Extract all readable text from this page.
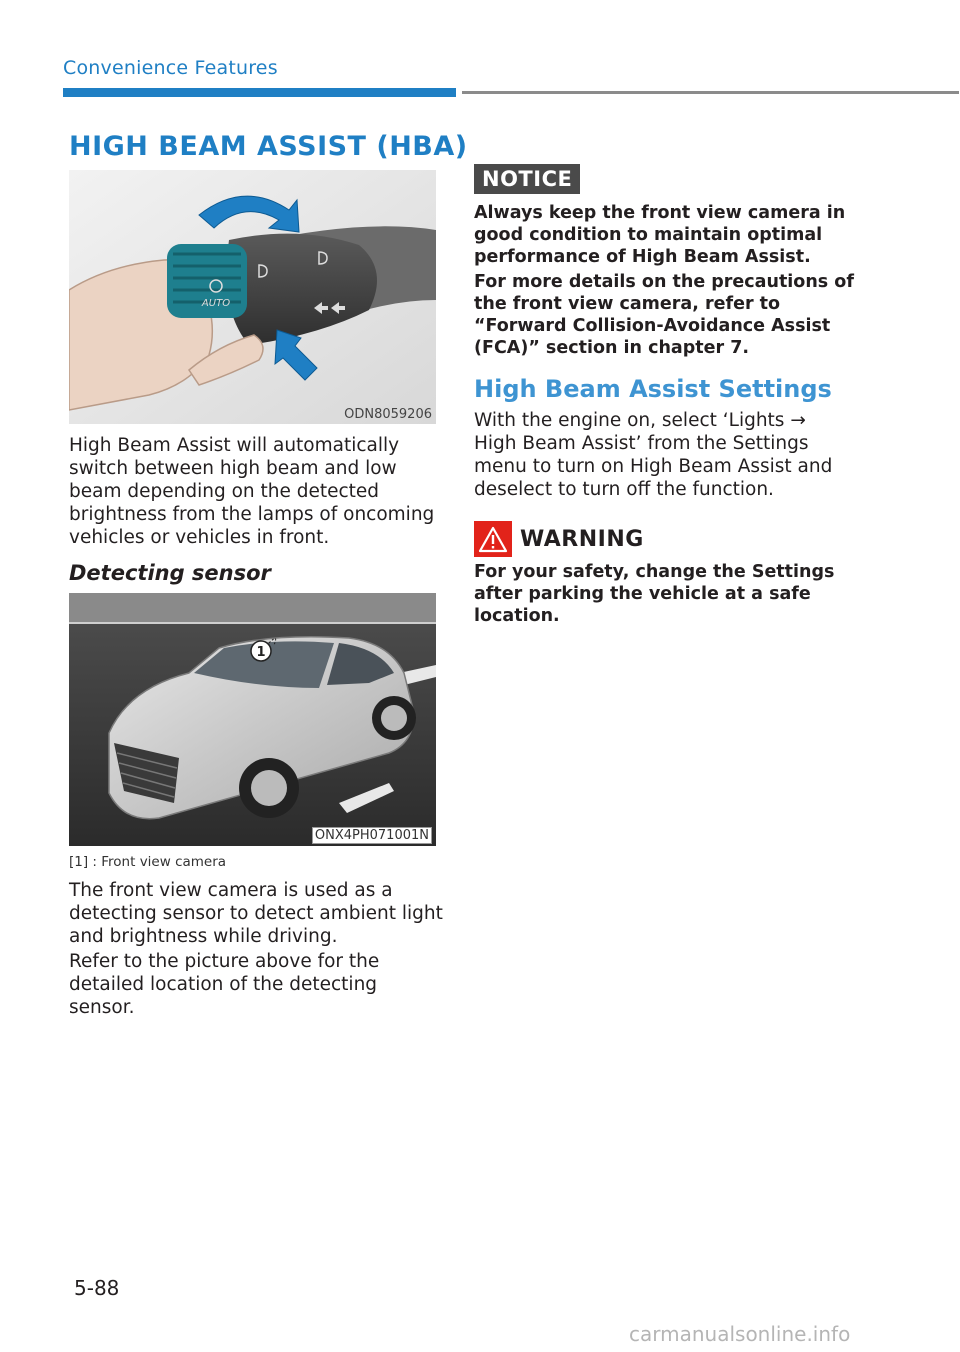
Convenience Features
HIGH BEAM ASSIST (HBA)
AUTO
ODN8059206
High Beam Assist will automatically switch between high beam and low beam depending on the detected brightness from the lamps of oncoming vehicles or vehicles in front.
Detecting sensor
1
ONX4PH071001N
[1] : Front view camera
The front view camera is used as a detecting sensor to detect ambient light and brightness while driving.
Refer to the picture above for the detailed location of the detecting sensor.
NOTICE
Always keep the front view camera in good condition to maintain optimal performance of High Beam Assist.
For more details on the precautions of the front view camera, refer to “Forward Collision-Avoidance Assist (FCA)” section in chapter 7.
High Beam Assist Settings
With the engine on, select ‘Lights → High Beam Assist’ from the Settings menu to turn on High Beam Assist and deselect to turn off the function.
WARNING
For your safety, change the Settings after parking the vehicle at a safe location.
5-88
carmanualsonline.info
